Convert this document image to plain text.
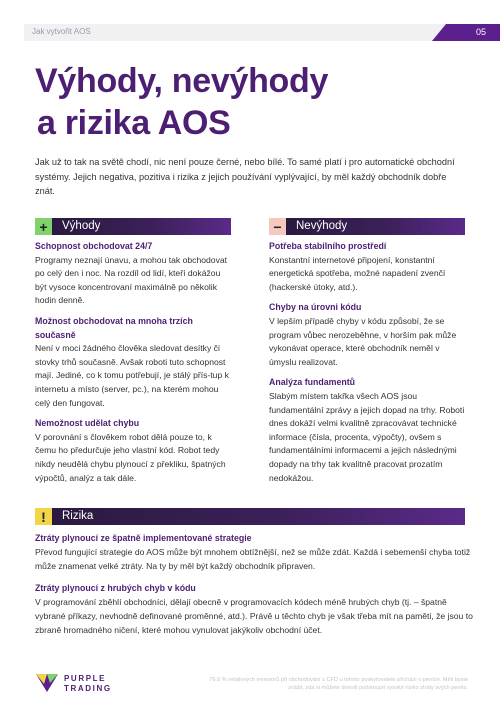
Jak vytvořit AOS	05
Výhody, nevýhody
a rizika AOS

Jak už to tak na světě chodí, nic není pouze černé, nebo bílé. To samé platí i pro automatické obchodní systémy. Jejich negativa, pozitiva i rizika z jejich používání vyplývající, by měl každý obchodník dobře znát.

+	Výhody	−	Nevýhody

Schopnost obchodovat 24/7
Programy neznají únavu, a mohou tak obchodovat po celý den i noc. Na rozdíl od lidí, kteří dokážou být vysoce koncentrovaní maximálně po několik hodin denně.

Možnost obchodovat na mnoha trzích současně
Není v moci žádného člověka sledovat desítky či stovky trhů současně. Avšak roboti tuto schopnost mají. Jediné, co k tomu potřebují, je stálý přís-tup k internetu a místo (server, pc.), na kterém mohou celý den fungovat.

Nemožnost udělat chybu
V porovnání s člověkem robot dělá pouze to, k čemu ho předurčuje jeho vlastní kód. Robot tedy nikdy neudělá chybu plynoucí z překliku, špatných výpočtů, analýz a tak dále.

Potřeba stabilního prostředí
Konstantní internetové připojení, konstantní energetická spotřeba, možné napadení zvenčí (hackerské útoky, atd.).

Chyby na úrovni kódu
V lepším případě chyby v kódu způsobí, že se program vůbec nerozeběhne, v horším pak může vykonávat operace, které obchodník neměl v úmyslu realizovat.

Analýza fundamentů
Slabým místem takřka všech AOS jsou fundamentální zprávy a jejich dopad na trhy. Roboti dnes dokáží velmi kvalitně zpracovávat technické informace (čísla, procenta, výpočty), ovšem s fundamentálními informacemi a jejich následnými dopady na trhy tak kvalitně pracovat prozatím nedokážou.

!	Rizika

Ztráty plynoucí ze špatně implementované strategie
Převod fungující strategie do AOS může být mnohem obtížnější, než se může zdát. Každá i sebemenší chyba totiž může znamenat velké ztráty. Na ty by měl být každý obchodník připraven.

Ztráty plynoucí z hrubých chyb v kódu
V programování zběhlí obchodníci, dělají obecně v programovacích kódech méně hrubých chyb (tj. – špatně vybrané příkazy, nevhodně definované proměnné, atd.). Právě u těchto chyb je však třeba mít na paměti, že jsou to zbraně hromadného ničení, které mohou vynulovat jakýkoliv obchodní účet.

PURPLE
TRADING

76.6 % retailových investorů při obchodování s CFD u tohoto poskytovatele přichází o peníze. Měli byste zvážit, zda si můžete dovolit podstoupit vysoké riziko ztráty svých peněz.
